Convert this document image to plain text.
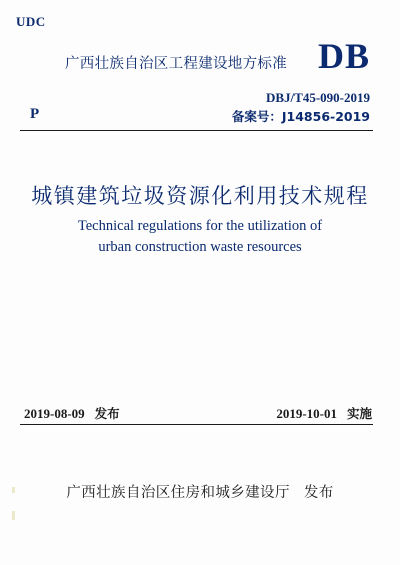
UDC
广西壮族自治区工程建设地方标准 DB
DBJ/T45-090-2019
P	备案号：J14856-2019
城镇建筑垃圾资源化利用技术规程
Technical regulations for the utilization of
urban construction waste resources
2019-08-09 发布	2019-10-01 实施
广西壮族自治区住房和城乡建设厅 发布
